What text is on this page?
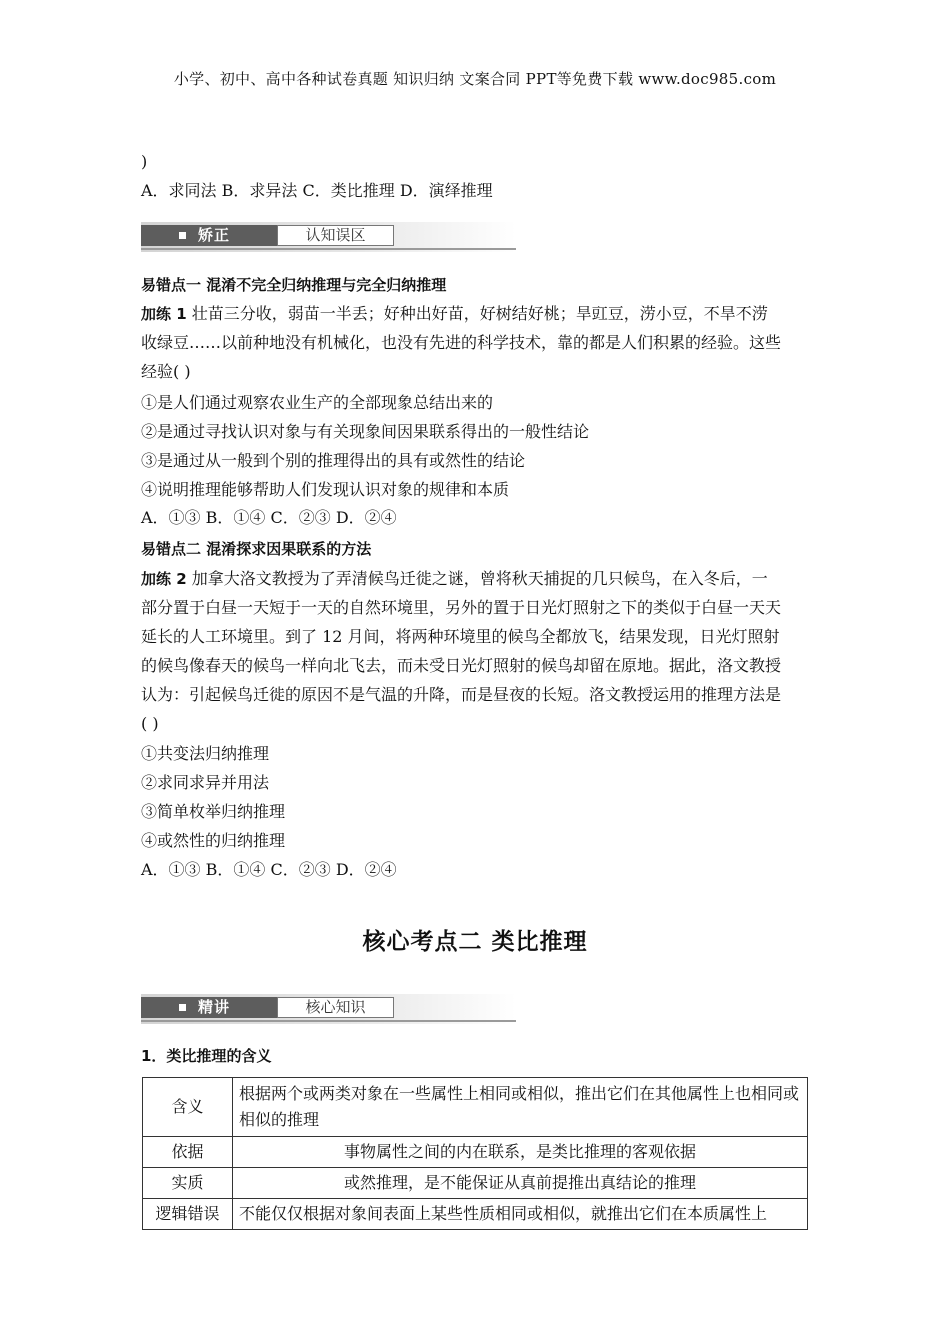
小学、初中、高中各种试卷真题 知识归纳 文案合同 PPT等免费下载 www.doc985.com
)
A．求同法 B．求异法 C．类比推理 D．演绎推理
矫正	认知误区
易错点一 混淆不完全归纳推理与完全归纳推理
加练 1 壮苗三分收，弱苗一半丢；好种出好苗，好树结好桃；旱豇豆，涝小豆，不旱不涝
收绿豆……以前种地没有机械化，也没有先进的科学技术，靠的都是人们积累的经验。这些
经验( )
①是人们通过观察农业生产的全部现象总结出来的
②是通过寻找认识对象与有关现象间因果联系得出的一般性结论
③是通过从一般到个别的推理得出的具有或然性的结论
④说明推理能够帮助人们发现认识对象的规律和本质
A．①③ B．①④ C．②③ D．②④
易错点二 混淆探求因果联系的方法
加练 2 加拿大洛文教授为了弄清候鸟迁徙之谜，曾将秋天捕捉的几只候鸟，在入冬后，一
部分置于白昼一天短于一天的自然环境里，另外的置于日光灯照射之下的类似于白昼一天天
延长的人工环境里。到了 12 月间，将两种环境里的候鸟全都放飞，结果发现，日光灯照射
的候鸟像春天的候鸟一样向北飞去，而未受日光灯照射的候鸟却留在原地。据此，洛文教授
认为：引起候鸟迁徙的原因不是气温的升降，而是昼夜的长短。洛文教授运用的推理方法是
( )
①共变法归纳推理
②求同求异并用法
③简单枚举归纳推理
④或然性的归纳推理
A．①③ B．①④ C．②③ D．②④
核心考点二 类比推理
精讲	核心知识
1．类比推理的含义
含义	根据两个或两类对象在一些属性上相同或相似，推出它们在其他属性上也相同或相似的推理
依据	事物属性之间的内在联系，是类比推理的客观依据
实质	或然推理，是不能保证从真前提推出真结论的推理
逻辑错误	不能仅仅根据对象间表面上某些性质相同或相似，就推出它们在本质属性上
